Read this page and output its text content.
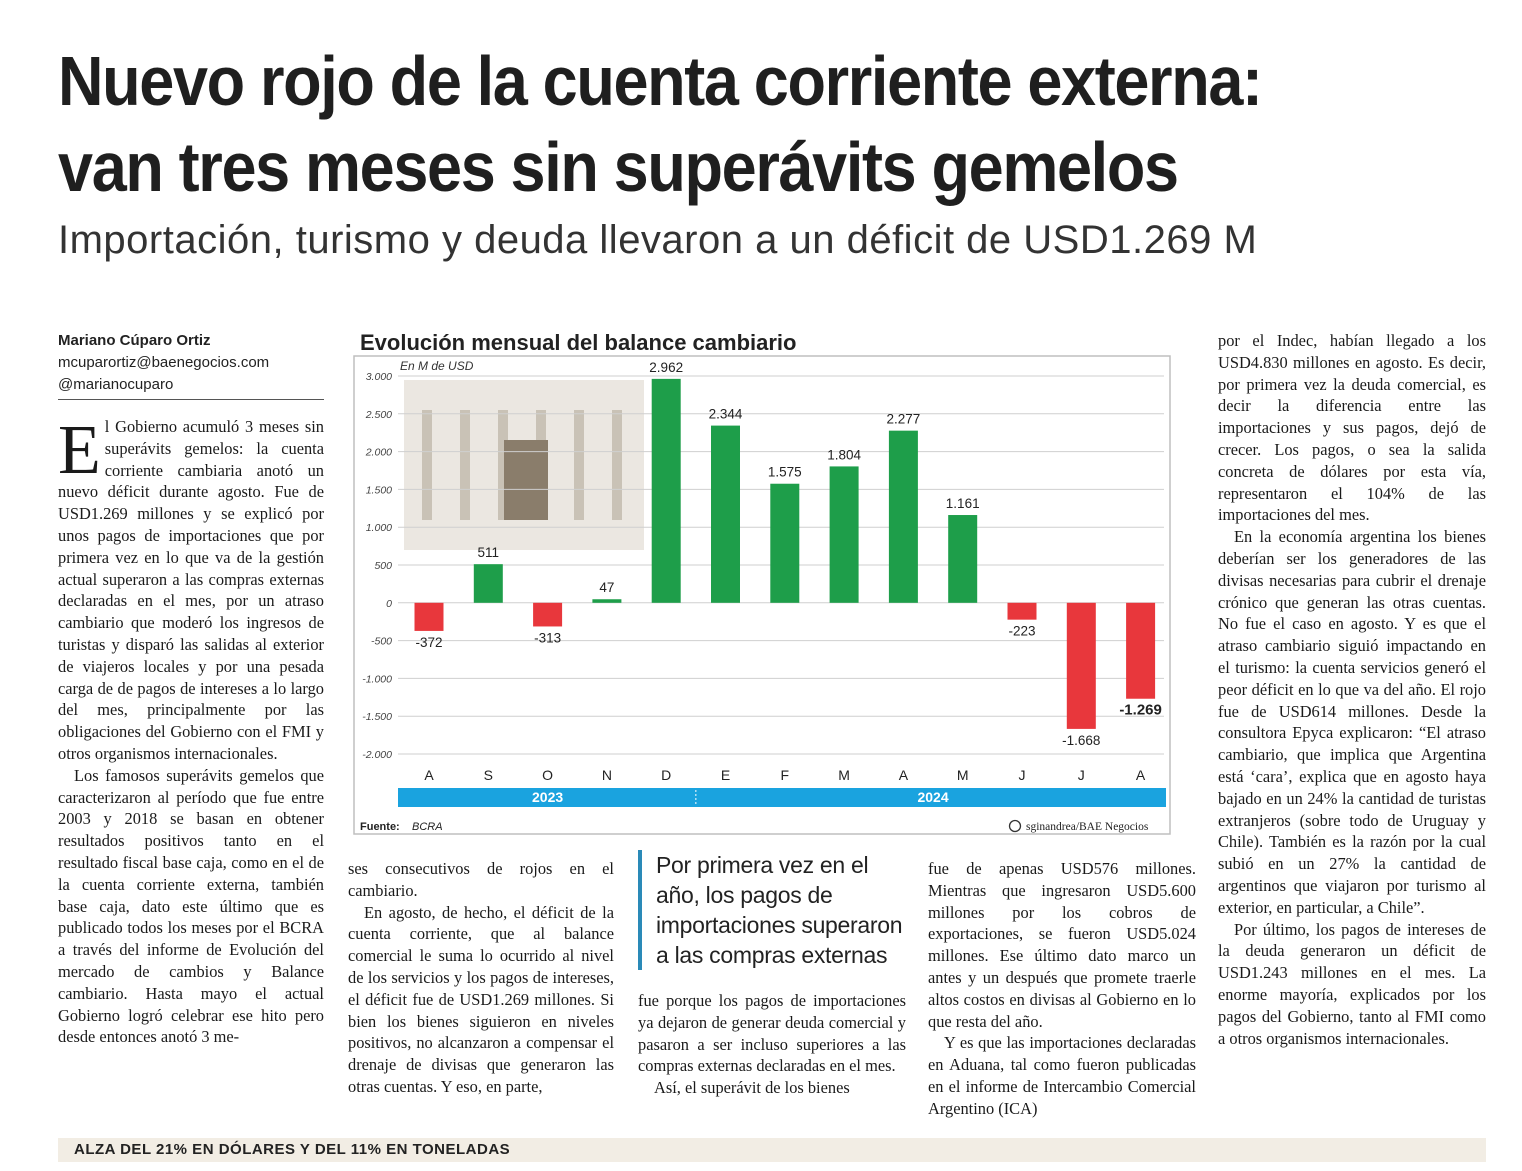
Nuevo rojo de la cuenta corriente externa:
van tres meses sin superávits gemelos
Importación, turismo y deuda llevaron a un déficit de USD1.269 M
Mariano Cúparo Ortiz
mcuparortiz@baenegocios.com
@marianocuparo

El Gobierno acumuló 3 meses sin superávits gemelos: la cuenta corriente cambiaria anotó un nuevo déficit durante agosto. Fue de USD1.269 millones y se explicó por unos pagos de importaciones que por primera vez en lo que va de la gestión actual superaron a las compras externas declaradas en el mes, por un atraso cambiario que moderó los ingresos de turistas y disparó las salidas al exterior de viajeros locales y por una pesada carga de de pagos de intereses a lo largo del mes, principalmente por las obligaciones del Gobierno con el FMI y otros organismos internacionales.

Los famosos superávits gemelos que caracterizaron al período que fue entre 2003 y 2018 se basan en obtener resultados positivos tanto en el resultado fiscal base caja, como en el de la cuenta corriente externa, también base caja, dato este último que es publicado todos los meses por el BCRA a través del informe de Evolución del mercado de cambios y Balance cambiario. Hasta mayo el actual Gobierno logró celebrar ese hito pero desde entonces anotó 3 me-

Evolución mensual del balance cambiario
En M de USD
3.000
2.500
2.000
1.500
1.000
500
0
-500
-1.000
-1.500
-2.000
-372
A
511
S
-313
O
47
N
2.962
D
2.344
E
1.575
F
1.804
M
2.277
A
1.161
M
-223
J
-1.668
J
-1.269
A
2023	2024
Fuente: BCRA	sginandrea/BAE Negocios

ses consecutivos de rojos en el cambiario.

En agosto, de hecho, el déficit de la cuenta corriente, que al balance comercial le suma lo ocurrido al nivel de los servicios y los pagos de intereses, el déficit fue de USD1.269 millones. Si bien los bienes siguieron en niveles positivos, no alcanzaron a compensar el drenaje de divisas que generaron las otras cuentas. Y eso, en parte,

Por primera vez en el año, los pagos de importaciones superaron a las compras externas

fue porque los pagos de importaciones ya dejaron de generar deuda comercial y pasaron a ser incluso superiores a las compras externas declaradas en el mes.

Así, el superávit de los bienes

fue de apenas USD576 millones. Mientras que ingresaron USD5.600 millones por los cobros de exportaciones, se fueron USD5.024 millones. Ese último dato marco un antes y un después que promete traerle altos costos en divisas al Gobierno en lo que resta del año.

Y es que las importaciones declaradas en Aduana, tal como fueron publicadas en el informe de Intercambio Comercial Argentino (ICA)

por el Indec, habían llegado a los USD4.830 millones en agosto. Es decir, por primera vez la deuda comercial, es decir la diferencia entre las importaciones y sus pagos, dejó de crecer. Los pagos, o sea la salida concreta de dólares por esta vía, representaron el 104% de las importaciones del mes.

En la economía argentina los bienes deberían ser los generadores de las divisas necesarias para cubrir el drenaje crónico que generan las otras cuentas. No fue el caso en agosto. Y es que el atraso cambiario siguió impactando en el turismo: la cuenta servicios generó el peor déficit en lo que va del año. El rojo fue de USD614 millones. Desde la consultora Epyca explicaron: “El atraso cambiario, que implica que Argentina está ‘cara’, explica que en agosto haya bajado en un 24% la cantidad de turistas extranjeros (sobre todo de Uruguay y Chile). También es la razón por la cual subió en un 27% la cantidad de argentinos que viajaron por turismo al exterior, en particular, a Chile”.

Por último, los pagos de intereses de la deuda generaron un déficit de USD1.243 millones en el mes. La enorme mayoría, explicados por los pagos del Gobierno, tanto al FMI como a otros organismos internacionales.

ALZA DEL 21% EN DÓLARES Y DEL 11% EN TONELADAS
